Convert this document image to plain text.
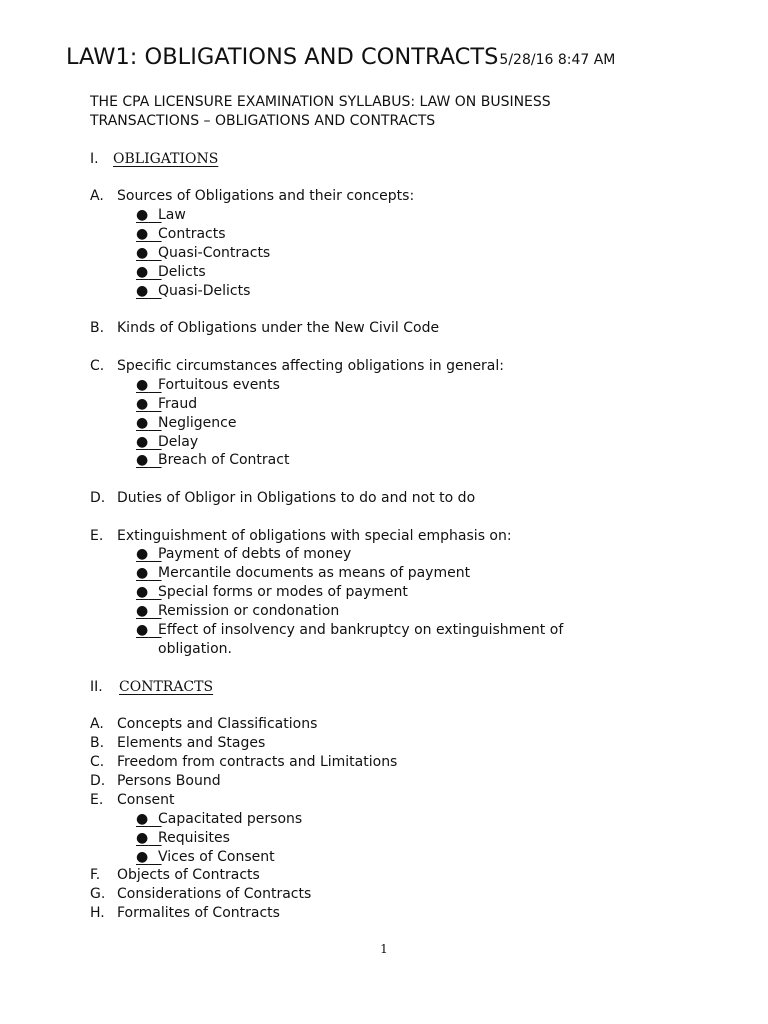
LAW1: OBLIGATIONS AND CONTRACTS5/28/16 8:47 AM
THE CPA LICENSURE EXAMINATION SYLLABUS: LAW ON BUSINESS
TRANSACTIONS – OBLIGATIONS AND CONTRACTS
I. OBLIGATIONS
A. Sources of Obligations and their concepts:
● Law
● Contracts
● Quasi-Contracts
● Delicts
● Quasi-Delicts
B. Kinds of Obligations under the New Civil Code
C. Specific circumstances affecting obligations in general:
● Fortuitous events
● Fraud
● Negligence
● Delay
● Breach of Contract
D. Duties of Obligor in Obligations to do and not to do
E. Extinguishment of obligations with special emphasis on:
● Payment of debts of money
● Mercantile documents as means of payment
● Special forms or modes of payment
● Remission or condonation
● Effect of insolvency and bankruptcy on extinguishment of
obligation.
II. CONTRACTS
A. Concepts and Classifications
B. Elements and Stages
C. Freedom from contracts and Limitations
D. Persons Bound
E. Consent
● Capacitated persons
● Requisites
● Vices of Consent
F. Objects of Contracts
G. Considerations of Contracts
H. Formalites of Contracts
1
